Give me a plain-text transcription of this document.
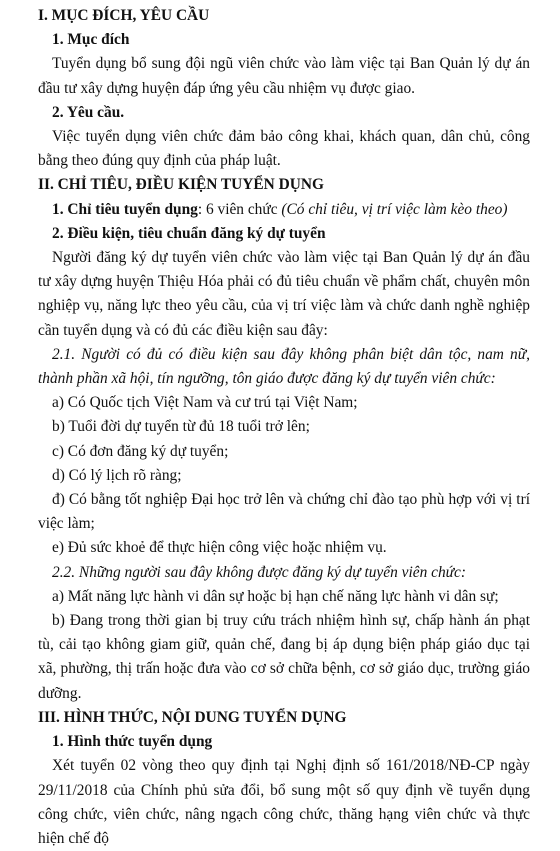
I. MỤC ĐÍCH, YÊU CẦU
1. Mục đích

Tuyển dụng bổ sung đội ngũ viên chức vào làm việc tại Ban Quản lý dự án đầu tư xây dựng huyện đáp ứng yêu cầu nhiệm vụ được giao.

2. Yêu cầu.

Việc tuyển dụng viên chức đảm bảo công khai, khách quan, dân chủ, công bằng theo đúng quy định của pháp luật.

II. CHỈ TIÊU, ĐIỀU KIỆN TUYỂN DỤNG

1. Chỉ tiêu tuyển dụng: 6 viên chức (Có chỉ tiêu, vị trí việc làm kèo theo)

2. Điều kiện, tiêu chuẩn đăng ký dự tuyển

Người đăng ký dự tuyển viên chức vào làm việc tại Ban Quản lý dự án đầu tư xây dựng huyện Thiệu Hóa phải có đủ tiêu chuẩn về phẩm chất, chuyên môn nghiệp vụ, năng lực theo yêu cầu, của vị trí việc làm và chức danh nghề nghiệp cần tuyển dụng và có đủ các điều kiện sau đây:

2.1. Người có đủ có điều kiện sau đây không phân biệt dân tộc, nam nữ, thành phần xã hội, tín ngưỡng, tôn giáo được đăng ký dự tuyển viên chức:

a) Có Quốc tịch Việt Nam và cư trú tại Việt Nam;

b) Tuổi đời dự tuyển từ đủ 18 tuổi trở lên;

c) Có đơn đăng ký dự tuyển;

d) Có lý lịch rõ ràng;

đ) Có bằng tốt nghiệp Đại học trở lên và chứng chỉ đào tạo phù hợp với vị trí việc làm;

e) Đủ sức khoẻ để thực hiện công việc hoặc nhiệm vụ.

2.2. Những người sau đây không được đăng ký dự tuyển viên chức:

a) Mất năng lực hành vi dân sự hoặc bị hạn chế năng lực hành vi dân sự;

b) Đang trong thời gian bị truy cứu trách nhiệm hình sự, chấp hành án phạt tù, cải tạo không giam giữ, quản chế, đang bị áp dụng biện pháp giáo dục tại xã, phường, thị trấn hoặc đưa vào cơ sở chữa bệnh, cơ sở giáo dục, trường giáo dưỡng.

III. HÌNH THỨC, NỘI DUNG TUYỂN DỤNG
1. Hình thức tuyển dụng

Xét tuyển 02 vòng theo quy định tại Nghị định số 161/2018/NĐ-CP ngày 29/11/2018 của Chính phủ sửa đổi, bổ sung một số quy định về tuyển dụng công chức, viên chức, nâng ngạch công chức, thăng hạng viên chức và thực hiện chế độ
